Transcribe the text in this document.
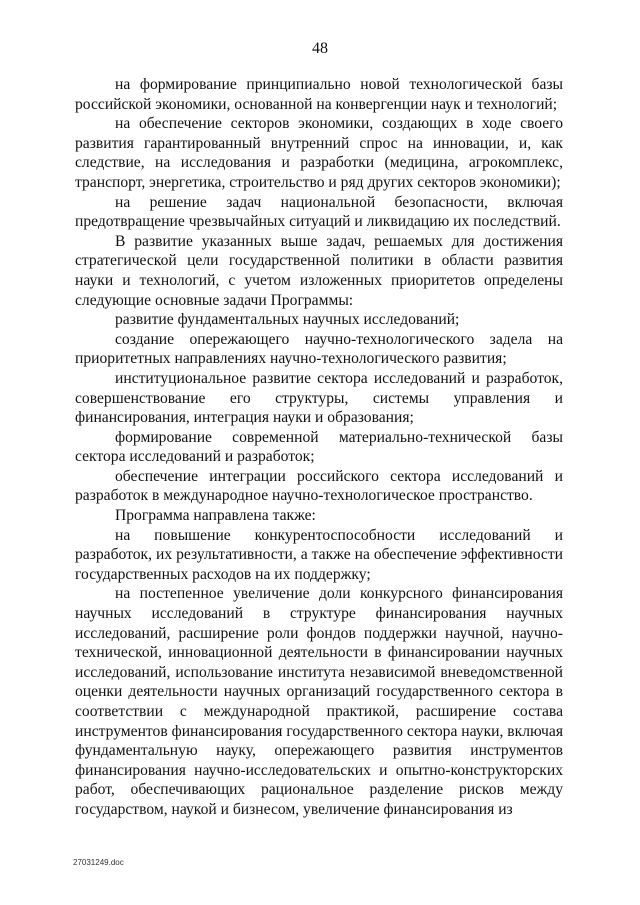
48

на формирование принципиально новой технологической базы российской экономики, основанной на конвергенции наук и технологий;

на обеспечение секторов экономики, создающих в ходе своего развития гарантированный внутренний спрос на инновации, и, как следствие, на исследования и разработки (медицина, агрокомплекс, транспорт, энергетика, строительство и ряд других секторов экономики);

на решение задач национальной безопасности, включая предотвращение чрезвычайных ситуаций и ликвидацию их последствий.

В развитие указанных выше задач, решаемых для достижения стратегической цели государственной политики в области развития науки и технологий, с учетом изложенных приоритетов определены следующие основные задачи Программы:

развитие фундаментальных научных исследований;

создание опережающего научно-технологического задела на приоритетных направлениях научно-технологического развития;

институциональное развитие сектора исследований и разработок, совершенствование его структуры, системы управления и финансирования, интеграция науки и образования;

формирование современной материально-технической базы сектора исследований и разработок;

обеспечение интеграции российского сектора исследований и разработок в международное научно-технологическое пространство.

Программа направлена также:

на повышение конкурентоспособности исследований и разработок, их результативности, а также на обеспечение эффективности государственных расходов на их поддержку;

на постепенное увеличение доли конкурсного финансирования научных исследований в структуре финансирования научных исследований, расширение роли фондов поддержки научной, научно-технической, инновационной деятельности в финансировании научных исследований, использование института независимой вневедомственной оценки деятельности научных организаций государственного сектора в соответствии с международной практикой, расширение состава инструментов финансирования государственного сектора науки, включая фундаментальную науку, опережающего развития инструментов финансирования научно-исследовательских и опытно-конструкторских работ, обеспечивающих рациональное разделение рисков между государством, наукой и бизнесом, увеличение финансирования из

27031249.doc
